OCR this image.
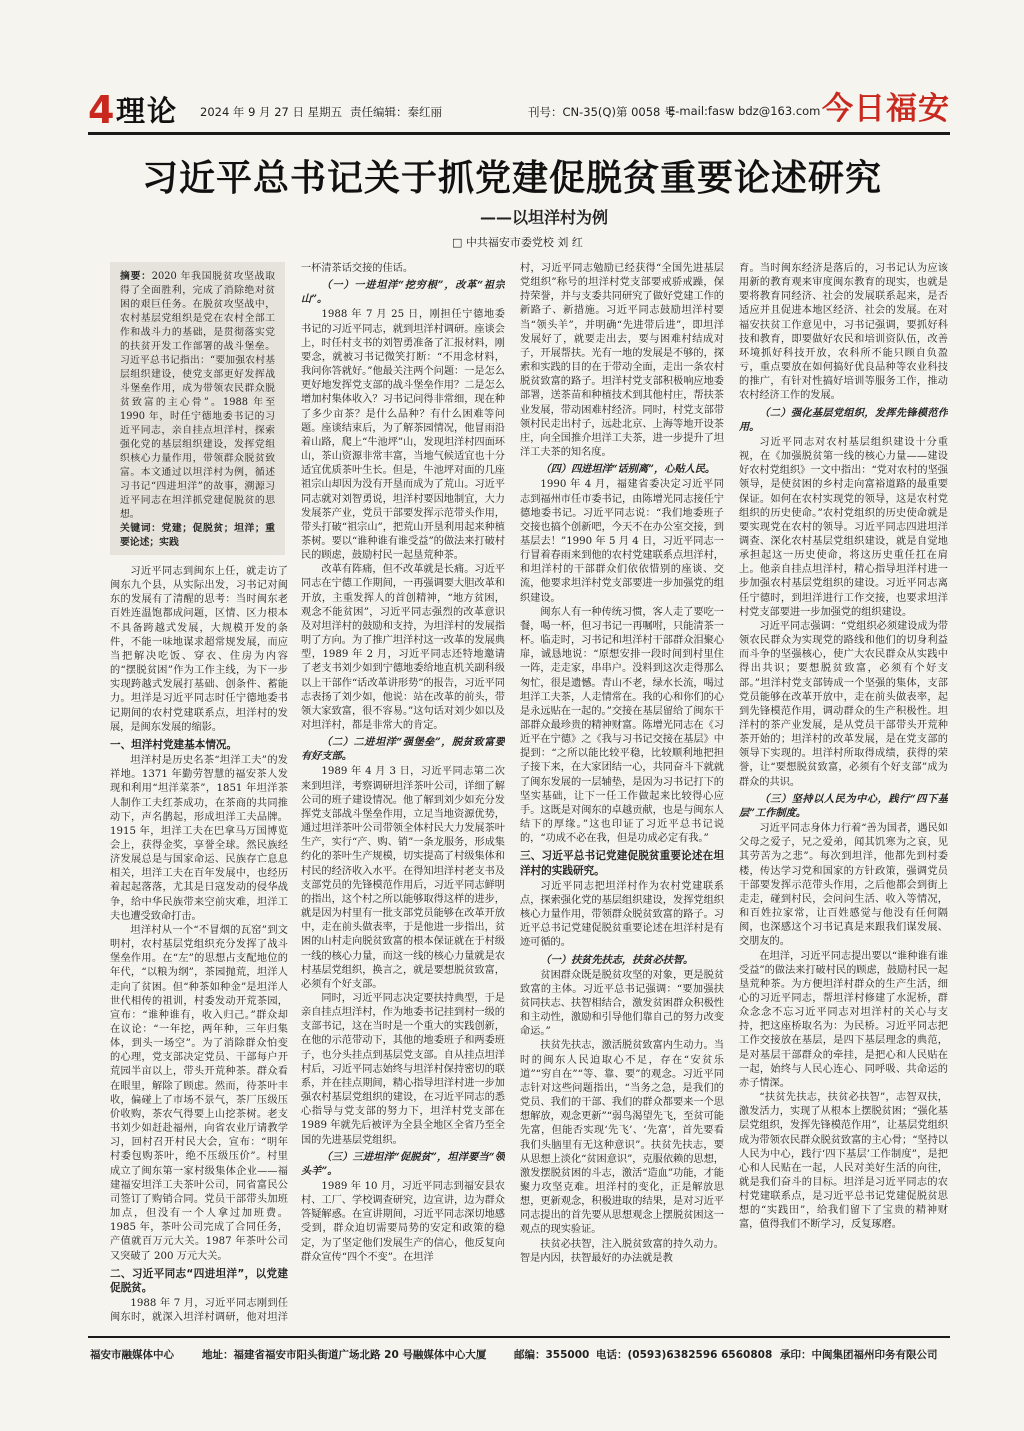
4 理论 2024 年 9 月 27 日 星期五 责任编辑：秦红丽	刊号：CN-35(Q)第 0058 号
E-mail:fasw bdz@163.com 今日福安
习近平总书记关于抓党建促脱贫重要论述研究
——以坦洋村为例
□ 中共福安市委党校 刘 红
摘要：2020 年我国脱贫攻坚战取得了全面胜利，完成了消除绝对贫困的艰巨任务。在脱贫攻坚战中，农村基层党组织是党在农村全部工作和战斗力的基础，是贯彻落实党的扶贫开发工作部署的战斗堡垒。习近平总书记指出：“要加强农村基层组织建设，使党支部更好发挥战斗堡垒作用，成为带领农民群众脱贫致富的主心骨”。1988 年至 1990 年，时任宁德地委书记的习近平同志，亲自挂点坦洋村，探索强化党的基层组织建设，发挥党组织核心力量作用，带领群众脱贫致富。本文通过以坦洋村为例，循述习书记“四进坦洋”的故事，溯源习近平同志在坦洋抓党建促脱贫的思想。
关键词：党建；促脱贫；坦洋；重要论述；实践

习近平同志到闽东上任，就走访了闽东九个县，从实际出发，习书记对闽东的发展有了清醒的思考：当时闽东老百姓连温饱都成问题，区情、区力根本不具备跨越式发展，大规模开发的条件，不能一味地谋求超常规发展，而应当把解决吃饭、穿衣、住房为内容的“摆脱贫困”作为工作主线，为下一步实现跨越式发展打基础、创条件、蓄能力。坦洋是习近平同志时任宁德地委书记期间的农村党建联系点，坦洋村的发展，是闽东发展的缩影。

一、坦洋村党建基本情况。

坦洋村是历史名茶“坦洋工夫”的发祥地。1371 年勤劳智慧的福安茶人发现和利用“坦洋菜茶”，1851 年坦洋茶人制作工夫红茶成功，在茶商的共同推动下，声名鹊起，形成坦洋工夫品牌。1915 年，坦洋工夫在巴拿马万国博览会上，获得金奖，享誉全球。然民族经济发展总是与国家命运、民族存亡息息相关，坦洋工夫在百年发展中，也经历着起起落落，尤其是日寇发动的侵华战争，给中华民族带来空前灾难，坦洋工夫也遭受致命打击。

坦洋村从一个“不冒烟的瓦窑”到文明村，农村基层党组织充分发挥了战斗堡垒作用。在“左”的思想占支配地位的年代，“以粮为纲”，茶园抛荒，坦洋人走向了贫困。但“种茶如种金”是坦洋人世代相传的祖训，村委发动开荒茶园，宣布：“谁种谁有，收入归己。”群众却在议论：“一年挖，两年种，三年归集体，到头一场空”。为了消除群众怕变的心理，党支部决定党员、干部每户开荒园半亩以上，带头开荒种茶。群众看在眼里，解除了顾虑。然而，待茶叶丰收，偏碰上了市场不景气，茶厂压级压价收购，茶农气得要上山挖茶树。老支书刘少如赶赴福州，向省农业厅请教学习，回村召开村民大会，宣布：“明年村委包购茶叶，绝不压级压价”。村里成立了闽东第一家村级集体企业——福建福安坦洋工夫茶叶公司，同省富民公司签订了购销合同。党员干部带头加班加点，但没有一个人拿过加班费。1985 年，茶叶公司完成了合同任务，产值就百万元大关。1987 年茶叶公司又突破了 200 万元大关。

二、习近平同志“四进坦洋”，以党建促脱贫。

1988 年 7 月，习近平同志刚到任闽东时，就深入坦洋村调研，他对坦洋

一杯清茶话交接的佳话。

（一）一进坦洋“挖穷根”，改革“祖宗山”。

1988 年 7 月 25 日，刚担任宁德地委书记的习近平同志，就到坦洋村调研。座谈会上，时任村支书的刘智勇准备了汇报材料，刚要念，就被习书记微笑打断：“不用念材料，我问你答就好。”他最关注两个问题：一是怎么更好地发挥党支部的战斗堡垒作用？二是怎么增加村集体收入？习书记问得非常细，现在种了多少亩茶？是什么品种？有什么困难等问题。座谈结束后，为了解茶园情况，他冒雨沿着山路，爬上“牛池坪”山，发现坦洋村四面环山，茶山资源非常丰富，当地气候适宜也十分适宜优质茶叶生长。但是，牛池坪对面的几座祖宗山却因为没有开垦而成为了荒山。习近平同志就对刘智勇说，坦洋村要因地制宜，大力发展茶产业，党员干部要发挥示范带头作用，带头打破“祖宗山”，把荒山开垦利用起来种植茶树。要以“谁种谁有谁受益”的做法来打破村民的顾虑，鼓励村民一起垦荒种茶。

改革有阵痛，但不改革就是长痛。习近平同志在宁德工作期间，一再强调要大胆改革和开放，主重发挥人的首创精神，“地方贫困，观念不能贫困”，习近平同志强烈的改革意识及对坦洋村的鼓励和支持，为坦洋村的发展指明了方向。为了推广坦洋村这一改革的发展典型，1989 年 2 月，习近平同志还特地邀请了老支书刘少如到宁德地委给地直机关副科级以上干部作“话改革讲形势”的报告，习近平同志表扬了刘少如，他说：站在改革的前头，带领大家致富，很不容易。”这句话对刘少如以及对坦洋村，都是非常大的肯定。

（二）二进坦洋“强堡垒”，脱贫致富要有好支部。

1989 年 4 月 3 日，习近平同志第二次来到坦洋，考察调研坦洋茶叶公司，详细了解公司的班子建设情况。他了解到刘少如充分发挥党支部战斗堡垒作用，立足当地资源优势，通过坦洋茶叶公司带领全体村民大力发展茶叶生产，实行“产、购、销”一条龙服务，形成集约化的茶叶生产规模，切实提高了村级集体和村民的经济收入水平。在得知坦洋村老支书及支部党员的先锋模范作用后，习近平同志鲜明的指出，这个村之所以能够取得这样的进步，就是因为村里有一批支部党员能够在改革开放中，走在前头做表率，于是他进一步指出，贫困的山村走向脱贫致富的根本保证就在于村级一线的核心力量，而这一线的核心力量就是农村基层党组织，换言之，就是要想脱贫致富，必须有个好支部。

同时，习近平同志决定要扶持典型，于是亲自挂点坦洋村，作为地委书记挂到村一级的支部书记，这在当时是一个重大的实践创新，在他的示范带动下，其他的地委班子和两委班子，也分头挂点到基层党支部。自从挂点坦洋村后，习近平同志始终与坦洋村保持密切的联系，并在挂点期间，精心指导坦洋村进一步加强农村基层党组织的建设，在习近平同志的悉心指导与党支部的努力下，坦洋村党支部在 1989 年就先后被评为全县全地区全省乃至全国的先进基层党组织。

（三）三进坦洋“促脱贫”，坦洋要当“领头羊”。

1989 年 10 月，习近平同志到福安县农村、工厂、学校调查研究，边宣讲，边为群众答疑解惑。在宣讲期间，习近平同志深切地感受到，群众迫切需要局势的安定和政策的稳定，为了坚定他们发展生产的信心，他反复向群众宣传“四个不变”。在坦洋

村，习近平同志勉励已经获得“全国先进基层党组织”称号的坦洋村党支部要戒骄戒躁，保持荣誉，并与支委共同研究了做好党建工作的新路子、新措施。习近平同志鼓励坦洋村要当“领头羊”，并明确“先进带后进”，即坦洋发展好了，就要走出去，要与困难村结成对子，开展帮扶。光有一地的发展是不够的，探索和实践的目的在于带动全面，走出一条农村脱贫致富的路子。坦洋村党支部积极响应地委部署，送茶苗和种植技术到其他村庄，帮扶茶业发展，带动困难村经济。同时，村党支部带领村民走出村子，远赴北京、上海等地开设茶庄，向全国推介坦洋工夫茶，进一步提升了坦洋工夫茶的知名度。

（四）四进坦洋“话别离”，心贴人民。

1990 年 4 月，福建省委决定习近平同志到福州市任市委书记，由陈增光同志接任宁德地委书记。习近平同志说：“我们地委班子交接也搞个创新吧，今天不在办公室交接，到基层去！”1990 年 5 月 4 日，习近平同志一行冒着春雨来到他的农村党建联系点坦洋村，和坦洋村的干部群众们依依惜别的座谈、交流，他要求坦洋村党支部要进一步加强党的组织建设。

闽东人有一种传统习惯，客人走了要吃一餐，喝一杯，但习书记一再嘱咐，只能清茶一杯。临走时，习书记和坦洋村干部群众泪聚心扉，诚恳地说：“原想安排一段时间到村里住一阵，走走家，串串户。没料到这次走得那么匆忙，很是遗憾。青山不老，绿水长流，喝过坦洋工夫茶，人走情常在。我的心和你们的心是永远贴在一起的。”交接在基层留给了闽东干部群众最珍贵的精神财富。陈增光同志在《习近平在宁德》之《我与习书记交接在基层》中提到：“之所以能比较平稳，比较顺利地把担子接下来，在大家团结一心，共同奋斗下就就了闽东发展的一层辅垫，是因为习书记打下的坚实基础，让下一任工作做起来比较得心应手。这既是对闽东的卓越贡献，也是与闽东人结下的厚缘。”这也印证了习近平总书记说的，“功成不必在我，但是功成必定有我。”

三、习近平总书记党建促脱贫重要论述在坦洋村的实践研究。

习近平同志把坦洋村作为农村党建联系点，探索强化党的基层组织建设，发挥党组织核心力量作用，带领群众脱贫致富的路子。习近平总书记党建促脱贫重要论述在坦洋村是有迹可循的。

（一）扶贫先扶志，扶贫必扶智。

贫困群众既是脱贫攻坚的对象，更是脱贫致富的主体。习近平总书记强调：“要加强扶贫同扶志、扶智相结合，激发贫困群众积极性和主动性，激励和引导他们靠自己的努力改变命运。”

扶贫先扶志，激活脱贫致富内生动力。当时的闽东人民迫取心不足，存在“安贫乐道”“穷自在”“等、靠、要”的观念。习近平同志针对这些问题指出，“当务之急，是我们的党员、我们的干部、我们的群众都要来一个思想解放，观念更新”“弱鸟渴望先飞，至贫可能先富，但能否实现‘先飞’、‘先富’，首先要看我们头脑里有无这种意识”。扶贫先扶志，要从思想上淡化“贫困意识”，克服依赖的思想，激发摆脱贫困的斗志，激活“造血”功能，才能聚力攻坚克难。坦洋村的变化，正是解放思想，更新观念，积极进取的结果，是对习近平同志提出的首先要从思想观念上摆脱贫困这一观点的现实验证。

扶贫必扶智，注入脱贫致富的持久动力。智是内因，扶智最好的办法就是教

育。当时闽东经济是落后的，习书记认为应该用新的教育观来审度闽东教育的现实，也就是要将教育同经济、社会的发展联系起来，是否适应并且促进本地区经济、社会的发展。在对福安扶贫工作意见中，习书记强调，要抓好科技和教育，即要做好农民和培训资队伍，改善环境抓好科技开放，农科所不能只顾自负盈亏，重点要放在如何搞好优良品种等农业科技的推广，有针对性搞好培训等服务工作，推动农村经济工作的发展。

（二）强化基层党组织，发挥先锋模范作用。

习近平同志对农村基层组织建设十分重视，在《加强脱贫第一线的核心力量——建设好农村党组织》一文中指出：“党对农村的坚强领导，是使贫困的乡村走向富裕道路的最重要保证。如何在农村实现党的领导，这是农村党组织的历史使命。”农村党组织的历史使命就是要实现党在农村的领导。习近平同志四进坦洋调查、深化农村基层党组织建设，就是自觉地承担起这一历史使命，将这历史重任扛在肩上。他亲自挂点坦洋村，精心指导坦洋村进一步加强农村基层党组织的建设。习近平同志离任宁德时，到坦洋进行工作交接，也要求坦洋村党支部要进一步加强党的组织建设。

习近平同志强调：“党组织必须建设成为带领农民群众为实现党的路线和他们的切身利益而斗争的坚强核心，使广大农民群众从实践中得出共识；要想脱贫致富，必须有个好支部。”坦洋村党支部铸成一个坚强的集体，支部党员能够在改革开放中，走在前头做表率，起到先锋模范作用，调动群众的生产积极性。坦洋村的茶产业发展，是从党员干部带头开荒种茶开始的；坦洋村的改革发展，是在党支部的领导下实现的。坦洋村所取得成绩，获得的荣誉，让“要想脱贫致富，必须有个好支部”成为群众的共识。

（三）坚持以人民为中心，践行“四下基层”工作制度。

习近平同志身体力行着“善为国者，遇民如父母之爱子，兄之爱弟，闻其饥寒为之哀，见其劳苦为之悲”。每次到坦洋，他都先到村委楼，传达学习党和国家的方针政策，强调党员干部要发挥示范带头作用，之后他都会到街上走走，碰到村民，会问问生活、收入等情况，和百姓拉家常，让百姓感觉与他没有任何隔阂，也深感这个习书记真是来跟我们谋发展、交朋友的。

在坦洋，习近平同志提出要以“谁种谁有谁受益”的做法来打破村民的顾虑，鼓励村民一起垦荒种茶。为方便坦洋村群众的生产生活，细心的习近平同志，帮坦洋村修建了水泥桥，群众念念不忘习近平同志对坦洋村的关心与支持，把这座桥取名为：为民桥。习近平同志把工作交接放在基层，是四下基层理念的典范，是对基层干部群众的牵挂，是把心和人民贴在一起，始终与人民心连心、同呼吸、共命运的赤子情深。

“扶贫先扶志，扶贫必扶智”，志智双扶，激发活力，实现了从根本上摆脱贫困；“强化基层党组织，发挥先锋模范作用”，让基层党组织成为带领农民群众脱贫致富的主心骨；“坚持以人民为中心，践行‘四下基层’工作制度”，是把心和人民贴在一起，人民对美好生活的向往，就是我们奋斗的目标。坦洋是习近平同志的农村党建联系点，是习近平总书记党建促脱贫思想的“实践田”，给我们留下了宝贵的精神财富，值得我们不断学习，反复琢磨。

福安市融媒体中心	地址：福建省福安市阳头街道广场北路 20 号融媒体中心大厦	邮编：355000 电话：(0593)6382596 6560808 承印：中闽集团福州印务有限公司
